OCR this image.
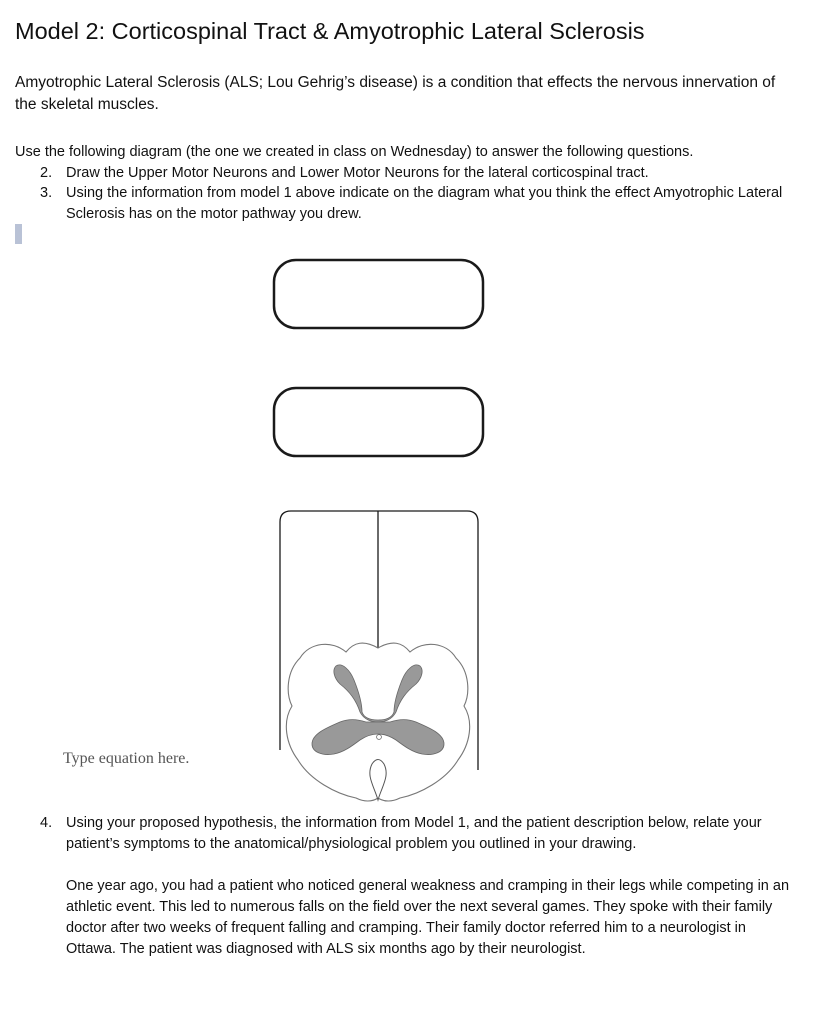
Model 2: Corticospinal Tract & Amyotrophic Lateral Sclerosis
Amyotrophic Lateral Sclerosis (ALS; Lou Gehrig’s disease) is a condition that effects the nervous innervation of the skeletal muscles.
Use the following diagram (the one we created in class on Wednesday) to answer the following questions.
2. Draw the Upper Motor Neurons and Lower Motor Neurons for the lateral corticospinal tract.
3. Using the information from model 1 above indicate on the diagram what you think the effect Amyotrophic Lateral Sclerosis has on the motor pathway you drew.
Type equation here.
4. Using your proposed hypothesis, the information from Model 1, and the patient description below, relate your patient’s symptoms to the anatomical/physiological problem you outlined in your drawing.
One year ago, you had a patient who noticed general weakness and cramping in their legs while competing in an athletic event. This led to numerous falls on the field over the next several games. They spoke with their family doctor after two weeks of frequent falling and cramping. Their family doctor referred him to a neurologist in Ottawa. The patient was diagnosed with ALS six months ago by their neurologist.
